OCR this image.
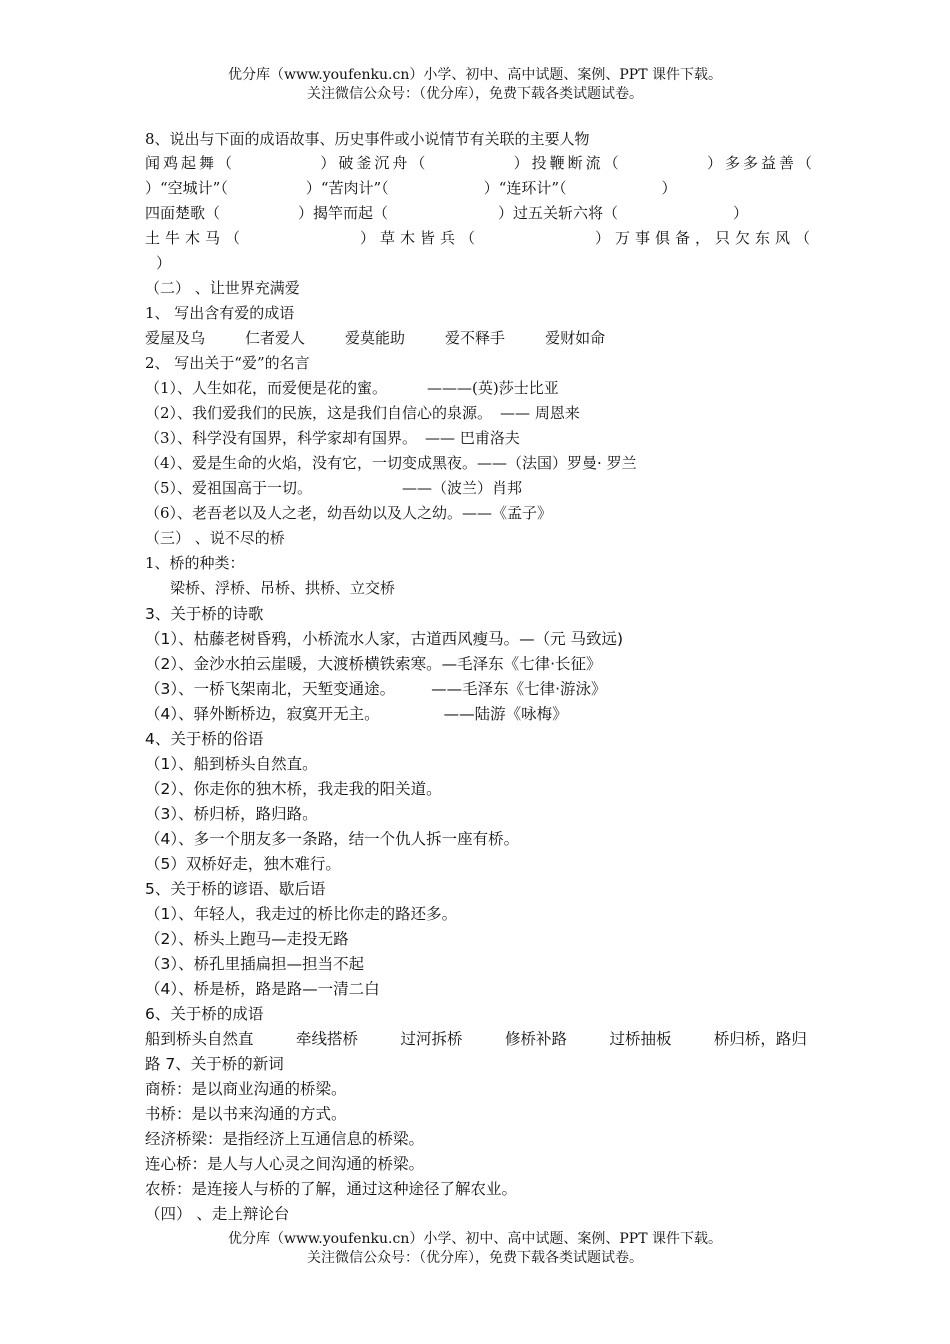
优分库（www.youfenku.cn）小学、初中、高中试题、案例、PPT 课件下载。
关注微信公众号：（优分库），免费下载各类试题试卷。
8、说出与下面的成语故事、历史事件或小说情节有关联的主要人物
闻鸡起舞（	）破釜沉舟（	）投鞭断流（	）多多益善（
）“空城计”（	）“苦肉计”（	）“连环计”（	）
四面楚歌（	）揭竿而起（	）过五关斩六将（	）
土牛木马（	）草木皆兵（	）万事俱备，只欠东风（
）
（二） 、让世界充满爱
1、 写出含有爱的成语
爱屋及乌	仁者爱人	爱莫能助	爱不释手	爱财如命
2、 写出关于“爱”的名言
（1）、人生如花，而爱便是花的蜜。	———(英)莎士比亚
（2）、我们爱我们的民族，这是我们自信心的泉源。 —— 周恩来
（3）、科学没有国界，科学家却有国界。 —— 巴甫洛夫
（4）、爱是生命的火焰，没有它，一切变成黑夜。——（法国）罗曼· 罗兰
（5）、爱祖国高于一切。	——（波兰）肖邦
（6）、老吾老以及人之老，幼吾幼以及人之幼。——《孟子》
（三） 、说不尽的桥
1、桥的种类：
梁桥、浮桥、吊桥、拱桥、立交桥
3、关于桥的诗歌
（1）、枯藤老树昏鸦，小桥流水人家，古道西风瘦马。—（元 马致远)
（2）、金沙水拍云崖暖，大渡桥横铁索寒。—毛泽东《七律·长征》
（3）、一桥飞架南北，天堑变通途。 ——毛泽东《七律·游泳》
（4）、驿外断桥边，寂寞开无主。	——陆游《咏梅》
4、关于桥的俗语
（1）、船到桥头自然直。
（2）、你走你的独木桥，我走我的阳关道。
（3）、桥归桥，路归路。
（4）、多一个朋友多一条路，结一个仇人拆一座有桥。
（5）双桥好走，独木难行。
5、关于桥的谚语、歇后语
（1）、年轻人，我走过的桥比你走的路还多。
（2）、桥头上跑马—走投无路
（3）、桥孔里插扁担—担当不起
（4）、桥是桥，路是路—一清二白
6、关于桥的成语
船到桥头自然直	牵线搭桥	过河拆桥	修桥补路	过桥抽板	桥归桥，路归
路 7、关于桥的新词
商桥：是以商业沟通的桥梁。
书桥：是以书来沟通的方式。
经济桥梁：是指经济上互通信息的桥梁。
连心桥：是人与人心灵之间沟通的桥梁。
农桥：是连接人与桥的了解，通过这种途径了解农业。
（四） 、走上辩论台
优分库（www.youfenku.cn）小学、初中、高中试题、案例、PPT 课件下载。
关注微信公众号：（优分库），免费下载各类试题试卷。
